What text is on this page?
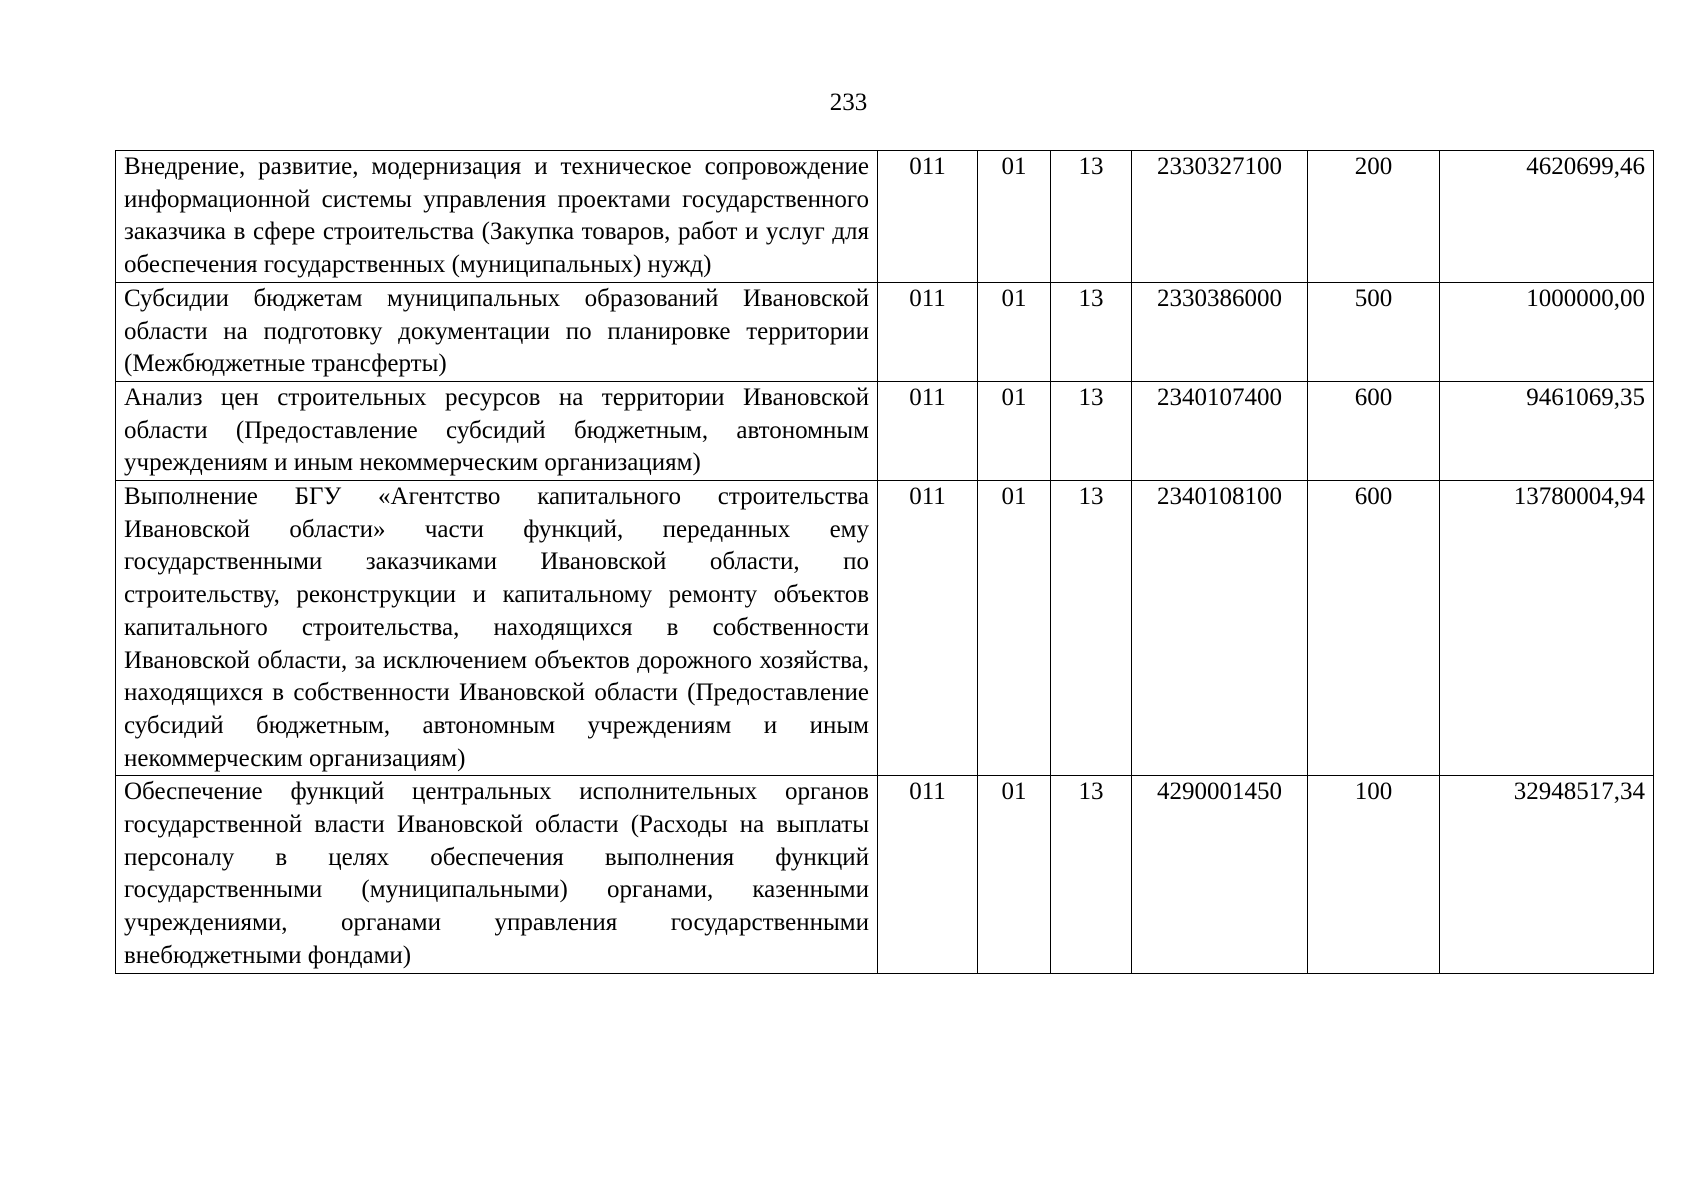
233
Внедрение, развитие, модернизация и техническое сопровождение информационной системы управления проектами государственного заказчика в сфере строительства (Закупка товаров, работ и услуг для обеспечения государственных (муниципальных) нужд)	011	01	13	2330327100	200	4620699,46
Субсидии бюджетам муниципальных образований Ивановской области на подготовку документации по планировке территории (Межбюджетные трансферты)	011	01	13	2330386000	500	1000000,00
Анализ цен строительных ресурсов на территории Ивановской области (Предоставление субсидий бюджетным, автономным учреждениям и иным некоммерческим организациям)	011	01	13	2340107400	600	9461069,35
Выполнение БГУ «Агентство капитального строительства Ивановской области» части функций, переданных ему государственными заказчиками Ивановской области, по строительству, реконструкции и капитальному ремонту объектов капитального строительства, находящихся в собственности Ивановской области, за исключением объектов дорожного хозяйства, находящихся в собственности Ивановской области (Предоставление субсидий бюджетным, автономным учреждениям и иным некоммерческим организациям)	011	01	13	2340108100	600	13780004,94
Обеспечение функций центральных исполнительных органов государственной власти Ивановской области (Расходы на выплаты персоналу в целях обеспечения выполнения функций государственными (муниципальными) органами, казенными учреждениями, органами управления государственными внебюджетными фондами)	011	01	13	4290001450	100	32948517,34
